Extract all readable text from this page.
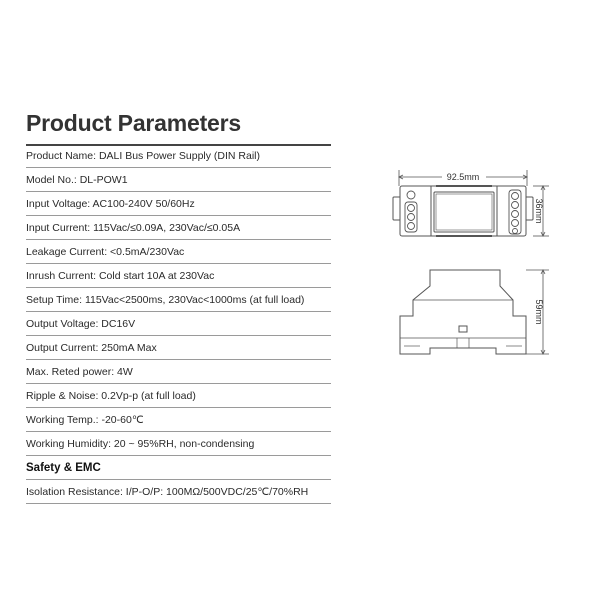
Product Parameters
Product Name: DALI Bus Power Supply (DIN Rail)
Model No.: DL-POW1
Input Voltage: AC100-240V 50/60Hz
Input Current: 115Vac/≤0.09A, 230Vac/≤0.05A
Leakage Current: <0.5mA/230Vac
Inrush Current: Cold start 10A at 230Vac
Setup Time: 115Vac<2500ms, 230Vac<1000ms (at full load)
Output Voltage: DC16V
Output Current: 250mA Max
Max. Reted power: 4W
Ripple & Noise: 0.2Vp-p (at full load)
Working Temp.: -20-60℃
Working Humidity: 20 ~ 95%RH, non-condensing
Safety & EMC
Isolation Resistance: I/P-O/P: 100MΩ/500VDC/25℃/70%RH
92.5mm
36mm
59mm
